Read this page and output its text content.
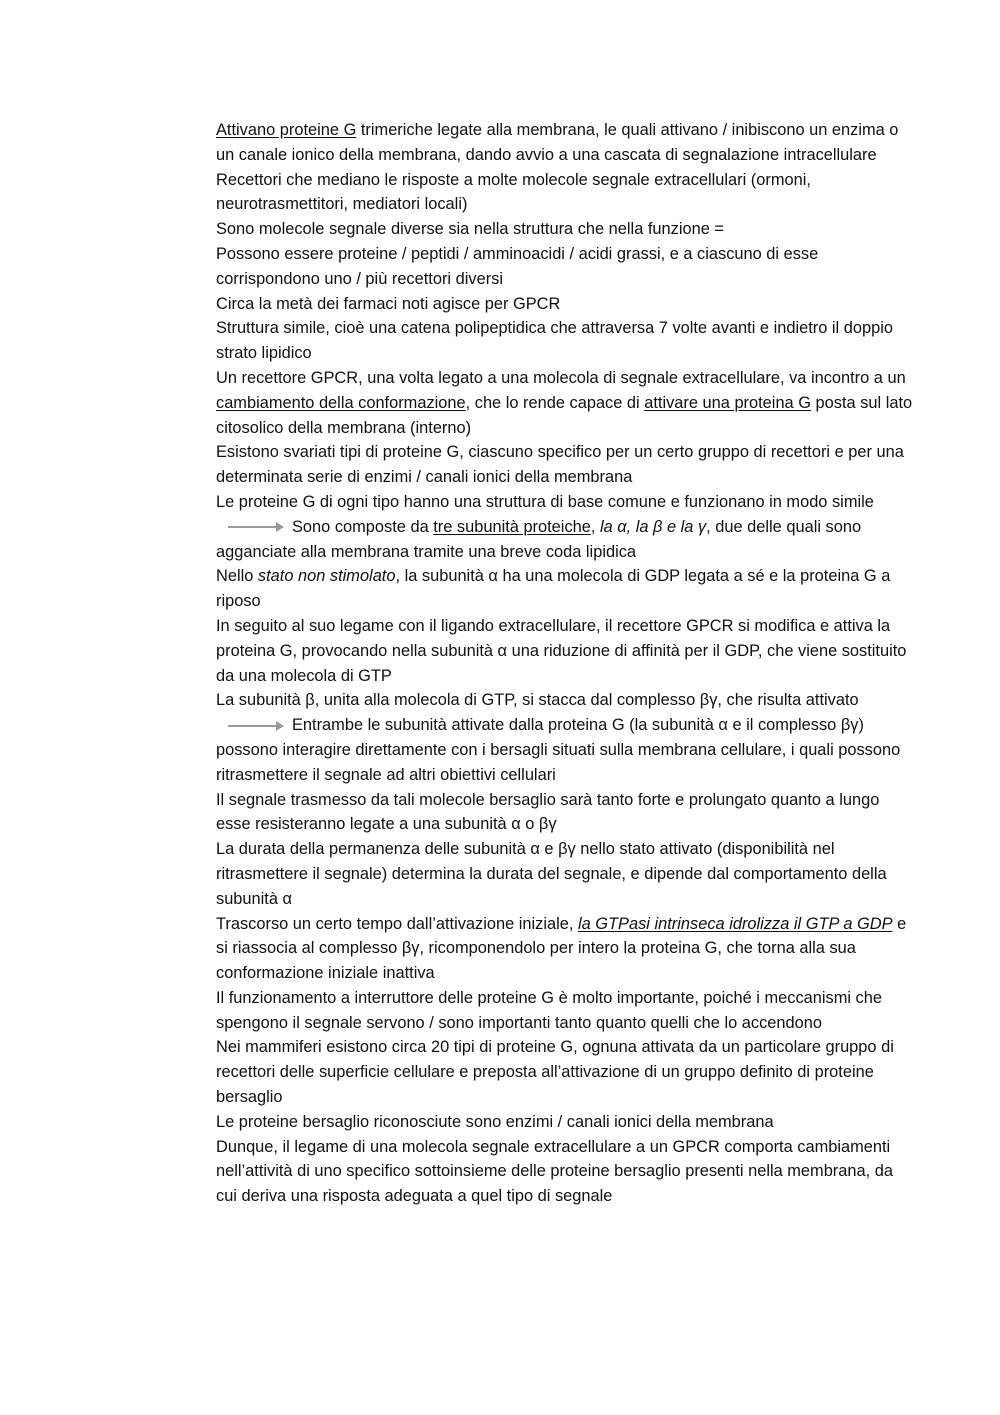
Attivano proteine G trimeriche legate alla membrana, le quali attivano / inibiscono un enzima o un canale ionico della membrana, dando avvio a una cascata di segnalazione intracellulare

Recettori che mediano le risposte a molte molecole segnale extracellulari (ormoni, neurotrasmettitori, mediatori locali)

Sono molecole segnale diverse sia nella struttura che nella funzione =

Possono essere proteine / peptidi / amminoacidi / acidi grassi, e a ciascuno di esse corrispondono uno / più recettori diversi

Circa la metà dei farmaci noti agisce per GPCR

Struttura simile, cioè una catena polipeptidica che attraversa 7 volte avanti e indietro il doppio strato lipidico

Un recettore GPCR, una volta legato a una molecola di segnale extracellulare, va incontro a un cambiamento della conformazione, che lo rende capace di attivare una proteina G posta sul lato citosolico della membrana (interno)

Esistono svariati tipi di proteine G, ciascuno specifico per un certo gruppo di recettori e per una determinata serie di enzimi / canali ionici della membrana

Le proteine G di ogni tipo hanno una struttura di base comune e funzionano in modo simileSono composte da tre subunità proteiche, la α, la β e la γ, due delle quali sono agganciate alla membrana tramite una breve coda lipidica

Nello stato non stimolato, la subunità α ha una molecola di GDP legata a sé e la proteina G a riposo

In seguito al suo legame con il ligando extracellulare, il recettore GPCR si modifica e attiva la proteina G, provocando nella subunità α una riduzione di affinità per il GDP, che viene sostituito da una molecola di GTP

La subunità β, unita alla molecola di GTP, si stacca dal complesso βγ, che risulta attivatoEntrambe le subunità attivate dalla proteina G (la subunità α e il complesso βγ) possono interagire direttamente con i bersagli situati sulla membrana cellulare, i quali possono ritrasmettere il segnale ad altri obiettivi cellulari

Il segnale trasmesso da tali molecole bersaglio sarà tanto forte e prolungato quanto a lungo esse resisteranno legate a una subunità α o βγ

La durata della permanenza delle subunità α e βγ nello stato attivato (disponibilità nel ritrasmettere il segnale) determina la durata del segnale, e dipende dal comportamento della subunità α

Trascorso un certo tempo dall’attivazione iniziale, la GTPasi intrinseca idrolizza il GTP a GDP e si riassocia al complesso βγ, ricomponendolo per intero la proteina G, che torna alla sua conformazione iniziale inattiva

Il funzionamento a interruttore delle proteine G è molto importante, poiché i meccanismi che spengono il segnale servono / sono importanti tanto quanto quelli che lo accendono

Nei mammiferi esistono circa 20 tipi di proteine G, ognuna attivata da un particolare gruppo di recettori delle superficie cellulare e preposta all’attivazione di un gruppo definito di proteine bersaglio

Le proteine bersaglio riconosciute sono enzimi / canali ionici della membrana

Dunque, il legame di una molecola segnale extracellulare a un GPCR comporta cambiamenti nell’attività di uno specifico sottoinsieme delle proteine bersaglio presenti nella membrana, da cui deriva una risposta adeguata a quel tipo di segnale
